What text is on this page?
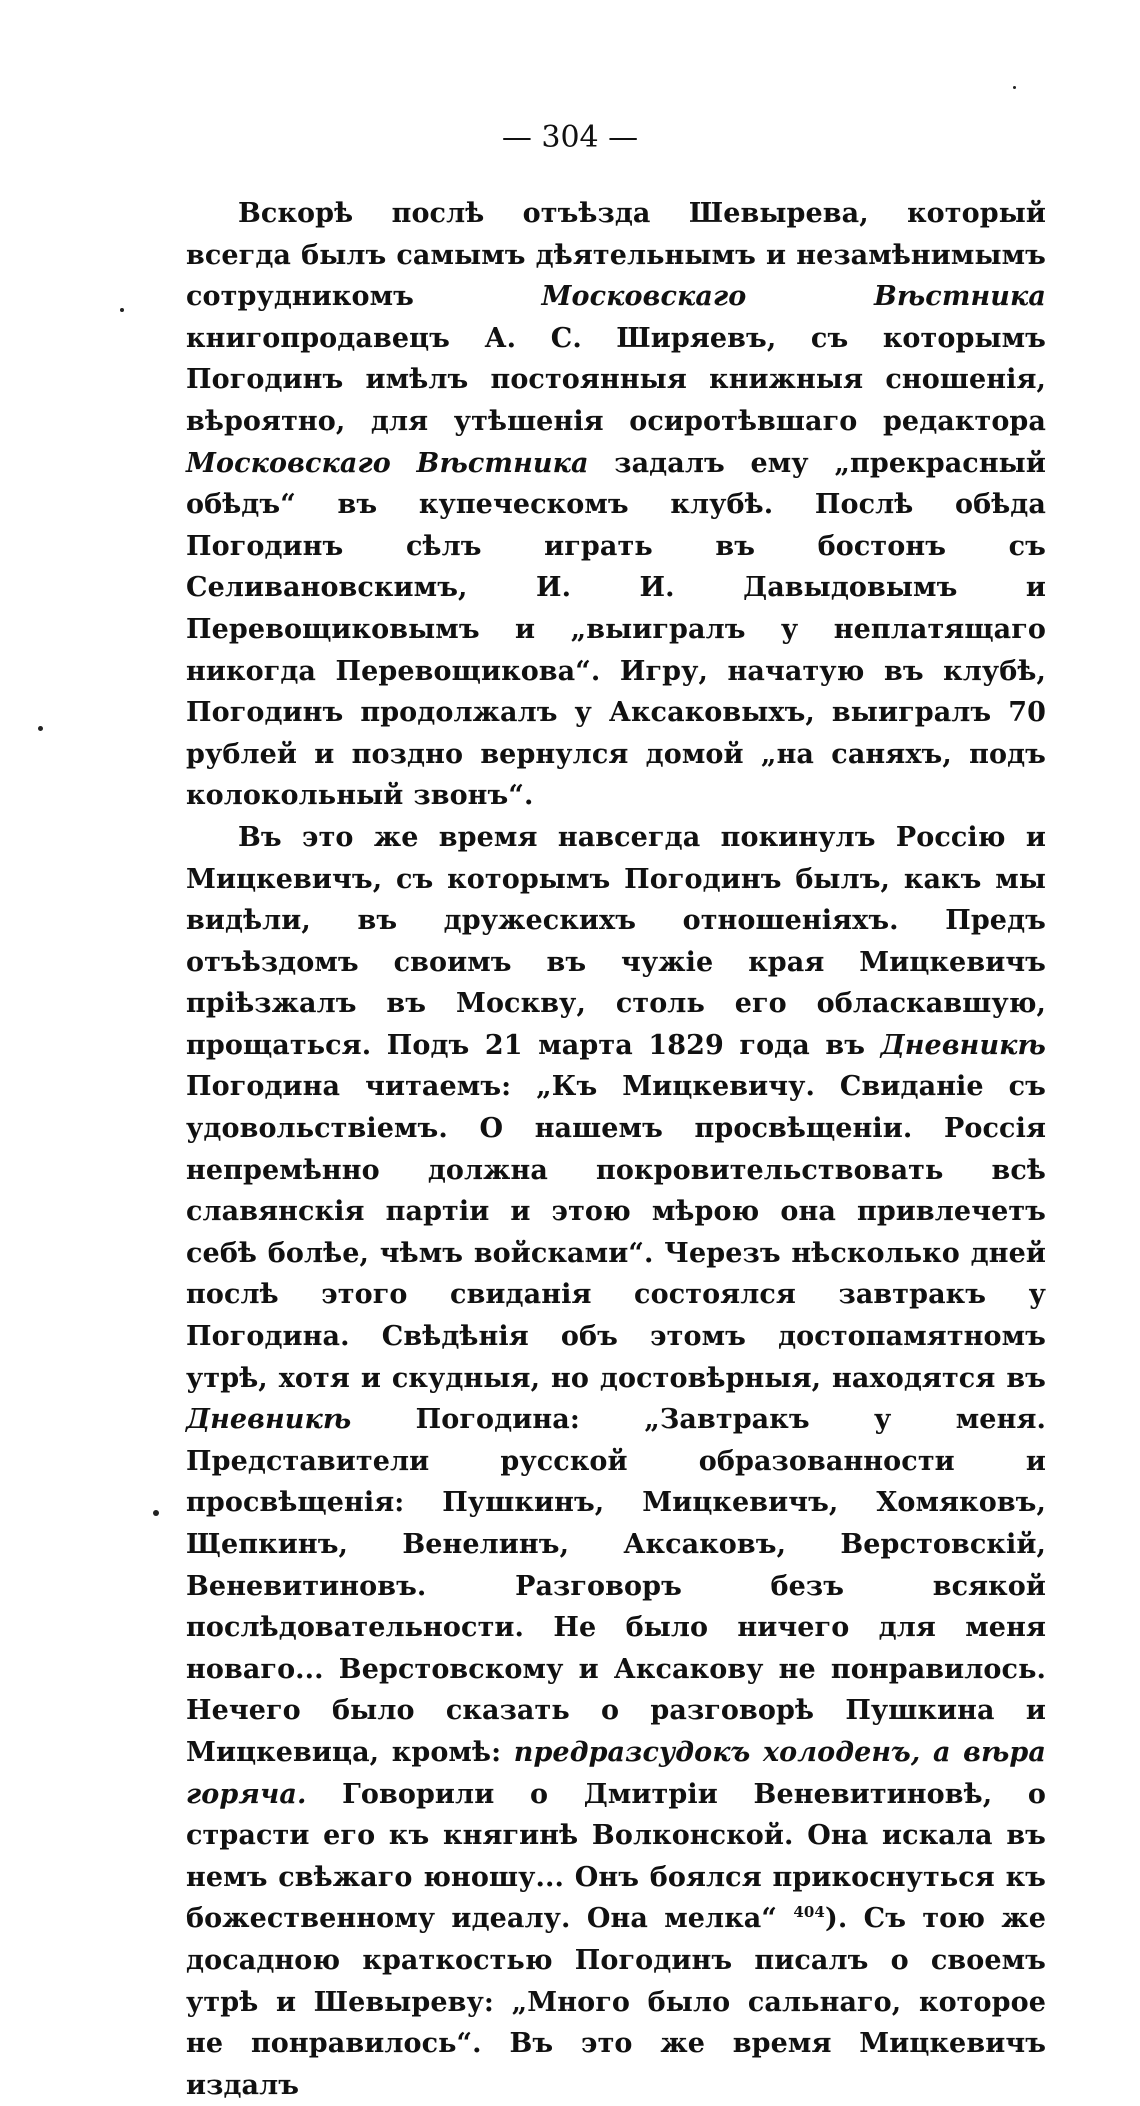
— 304 —

Вскорѣ послѣ отъѣзда Шевырева, который всегда былъ самымъ дѣятельнымъ и незамѣнимымъ сотрудникомъ Московскаго Вѣстника книгопродавецъ А. С. Ширяевъ, съ которымъ Погодинъ имѣлъ постоянныя книжныя сношенія, вѣроятно, для утѣшенія осиротѣвшаго редактора Московскаго Вѣстника задалъ ему „прекрасный обѣдъ“ въ купеческомъ клубѣ. Послѣ обѣда Погодинъ сѣлъ играть въ бостонъ съ Селивановскимъ, И. И. Давыдовымъ и Перевощиковымъ и „выигралъ у неплатящаго никогда Перевощикова“. Игру, начатую въ клубѣ, Погодинъ продолжалъ у Аксаковыхъ, выигралъ 70 рублей и поздно вернулся домой „на саняхъ, подъ колокольный звонъ“.

Въ это же время навсегда покинулъ Россію и Мицкевичъ, съ которымъ Погодинъ былъ, какъ мы видѣли, въ дружескихъ отношеніяхъ. Предъ отъѣздомъ своимъ въ чужіе края Мицкевичъ пріѣзжалъ въ Москву, столь его обласкавшую, прощаться. Подъ 21 марта 1829 года въ Дневникѣ Погодина читаемъ: „Къ Мицкевичу. Свиданіе съ удовольствіемъ. О нашемъ просвѣщеніи. Россія непремѣнно должна покровительствовать всѣ славянскія партіи и этою мѣрою она привлечетъ себѣ болѣе, чѣмъ войсками“. Черезъ нѣсколько дней послѣ этого свиданія состоялся завтракъ у Погодина. Свѣдѣнія объ этомъ достопамятномъ утрѣ, хотя и скудныя, но достовѣрныя, находятся въ Дневникѣ Погодина: „Завтракъ у меня. Представители русской образованности и просвѣщенія: Пушкинъ, Мицкевичъ, Хомяковъ, Щепкинъ, Венелинъ, Аксаковъ, Верстовскій, Веневитиновъ. Разговоръ безъ всякой послѣдовательности. Не было ничего для меня новаго... Верстовскому и Аксакову не понравилось. Нечего было сказать о разговорѣ Пушкина и Мицкевица, кромѣ: предразсудокъ холоденъ, а вѣра горяча. Говорили о Дмитріи Веневитиновѣ, о страсти его къ княгинѣ Волконской. Она искала въ немъ свѣжаго юношу... Онъ боялся прикоснуться къ божественному идеалу. Она мелка“ $^{404}$). Съ тою же досадною краткостью Погодинъ писалъ о своемъ утрѣ и Шевыреву: „Много было сальнаго, которое не понравилось“. Въ это же время Мицкевичъ издалъ
